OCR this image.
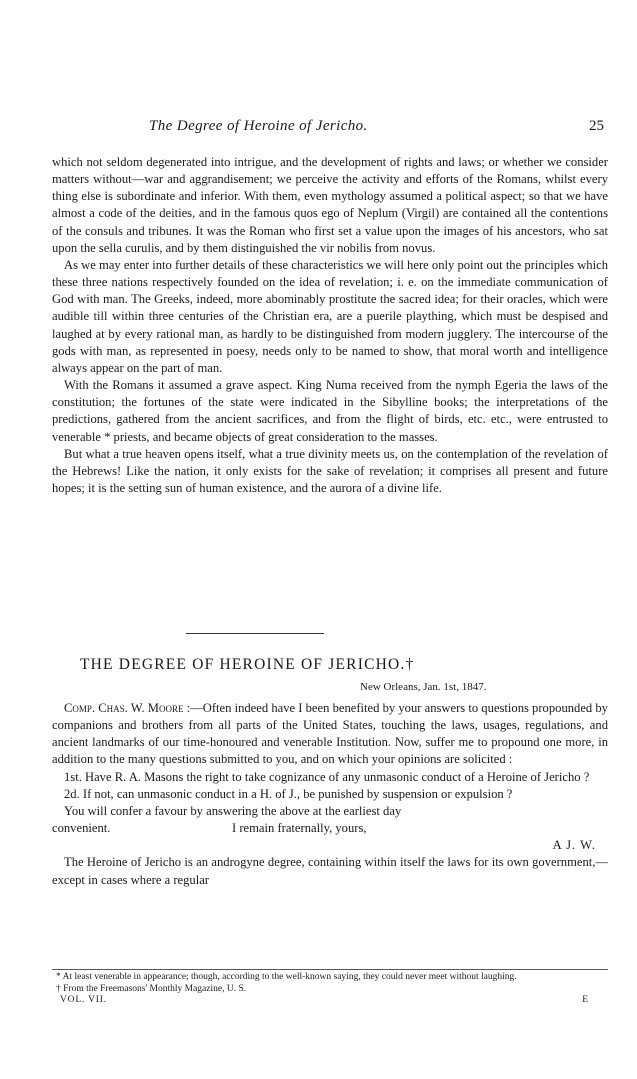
The Degree of Heroine of Jericho.	25

which not seldom degenerated into intrigue, and the development of rights and laws; or whether we consider matters without—war and aggrandisement; we perceive the activity and efforts of the Romans, whilst every thing else is subordinate and inferior. With them, even mythology assumed a political aspect; so that we have almost a code of the deities, and in the famous quos ego of Neplum (Virgil) are contained all the contentions of the consuls and tribunes. It was the Roman who first set a value upon the images of his ancestors, who sat upon the sella curulis, and by them distinguished the vir nobilis from novus.

As we may enter into further details of these characteristics we will here only point out the principles which these three nations respectively founded on the idea of revelation; i. e. on the immediate communication of God with man. The Greeks, indeed, more abominably prostitute the sacred idea; for their oracles, which were audible till within three centuries of the Christian era, are a puerile plaything, which must be despised and laughed at by every rational man, as hardly to be distinguished from modern jugglery. The intercourse of the gods with man, as represented in poesy, needs only to be named to show, that moral worth and intelligence always appear on the part of man.

With the Romans it assumed a grave aspect. King Numa received from the nymph Egeria the laws of the constitution; the fortunes of the state were indicated in the Sibylline books; the interpretations of the predictions, gathered from the ancient sacrifices, and from the flight of birds, etc. etc., were entrusted to venerable * priests, and became objects of great consideration to the masses.

But what a true heaven opens itself, what a true divinity meets us, on the contemplation of the revelation of the Hebrews! Like the nation, it only exists for the sake of revelation; it comprises all present and future hopes; it is the setting sun of human existence, and the aurora of a divine life.

THE DEGREE OF HEROINE OF JERICHO.†
New Orleans, Jan. 1st, 1847.

Comp. Chas. W. Moore :—Often indeed have I been benefited by your answers to questions propounded by companions and brothers from all parts of the United States, touching the laws, usages, regulations, and ancient landmarks of our time-honoured and venerable Institution. Now, suffer me to propound one more, in addition to the many questions submitted to you, and on which your opinions are solicited :

1st. Have R. A. Masons the right to take cognizance of any unmasonic conduct of a Heroine of Jericho ?

2d. If not, can unmasonic conduct in a H. of J., be punished by suspension or expulsion ?

You will confer a favour by answering the above at the earliest day

convenient.	I remain fraternally, yours,
A J. W.

The Heroine of Jericho is an androgyne degree, containing within itself the laws for its own government,—except in cases where a regular

* At least venerable in appearance; though, according to the well-known saying, they could never meet without laughing.

† From the Freemasons' Monthly Magazine, U. S.

VOL. VII.	E
